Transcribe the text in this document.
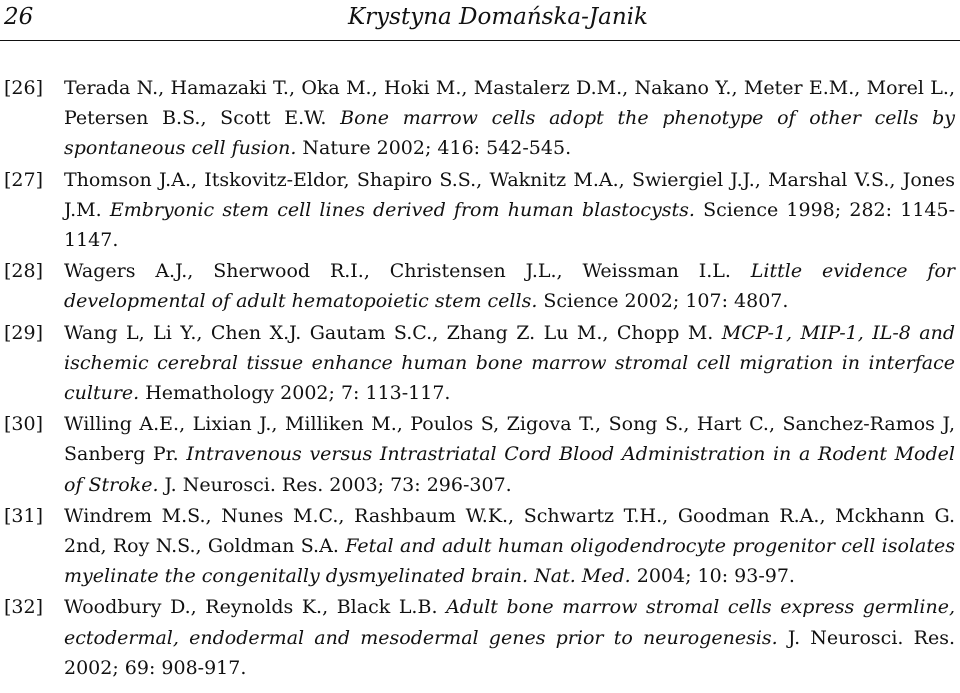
26	Krystyna Domańska-Janik
[26] Terada N., Hamazaki T., Oka M., Hoki M., Mastalerz D.M., Nakano Y., Meter E.M., Morel L., Petersen B.S., Scott E.W. Bone marrow cells adopt the phenotype of other cells by spontaneous cell fusion. Nature 2002; 416: 542-545.
[27] Thomson J.A., Itskovitz-Eldor, Shapiro S.S., Waknitz M.A., Swiergiel J.J., Marshal V.S., Jones J.M. Embryonic stem cell lines derived from human blastocysts. Science 1998; 282: 1145-1147.
[28] Wagers A.J., Sherwood R.I., Christensen J.L., Weissman I.L. Little evidence for developmental of adult hematopoietic stem cells. Science 2002; 107: 4807.
[29] Wang L, Li Y., Chen X.J. Gautam S.C., Zhang Z. Lu M., Chopp M. MCP-1, MIP-1, IL-8 and ischemic cerebral tissue enhance human bone marrow stromal cell migration in interface culture. Hemathology 2002; 7: 113-117.
[30] Willing A.E., Lixian J., Milliken M., Poulos S, Zigova T., Song S., Hart C., Sanchez-Ramos J, Sanberg Pr. Intravenous versus Intrastriatal Cord Blood Administration in a Rodent Model of Stroke. J. Neurosci. Res. 2003; 73: 296-307.
[31] Windrem M.S., Nunes M.C., Rashbaum W.K., Schwartz T.H., Goodman R.A., Mckhann G. 2nd, Roy N.S., Goldman S.A. Fetal and adult human oligodendrocyte progenitor cell isolates myelinate the congenitally dysmyelinated brain. Nat. Med. 2004; 10: 93-97.
[32] Woodbury D., Reynolds K., Black L.B. Adult bone marrow stromal cells express germline, ectodermal, endodermal and mesodermal genes prior to neurogenesis. J. Neurosci. Res. 2002; 69: 908-917.
